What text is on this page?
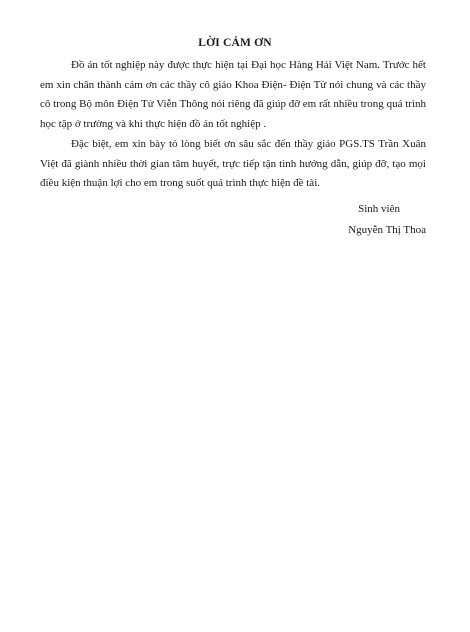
LỜI CẢM ƠN

Đồ án tốt nghiệp này được thực hiện tại Đại học Hàng Hải Việt Nam. Trước hết em xin chân thành cảm ơn các thầy cô giáo Khoa Điện- Điện Tử nói chung và các thầy cô trong Bộ môn Điện Tử Viễn Thông nói riêng đã giúp đỡ em rất nhiều trong quá trình học tập ở trường và khi thực hiện đồ án tốt nghiệp .

Đặc biệt, em xin bày tỏ lòng biết ơn sâu sắc đến thầy giáo PGS.TS Trần Xuân Việt đã giành nhiều thời gian tâm huyết, trực tiếp tận tình hướng dẫn, giúp đỡ, tạo mọi điều kiện thuận lợi cho em trong suốt quá trình thực hiện đề tài.

Sinh viên
Nguyễn Thị Thoa
